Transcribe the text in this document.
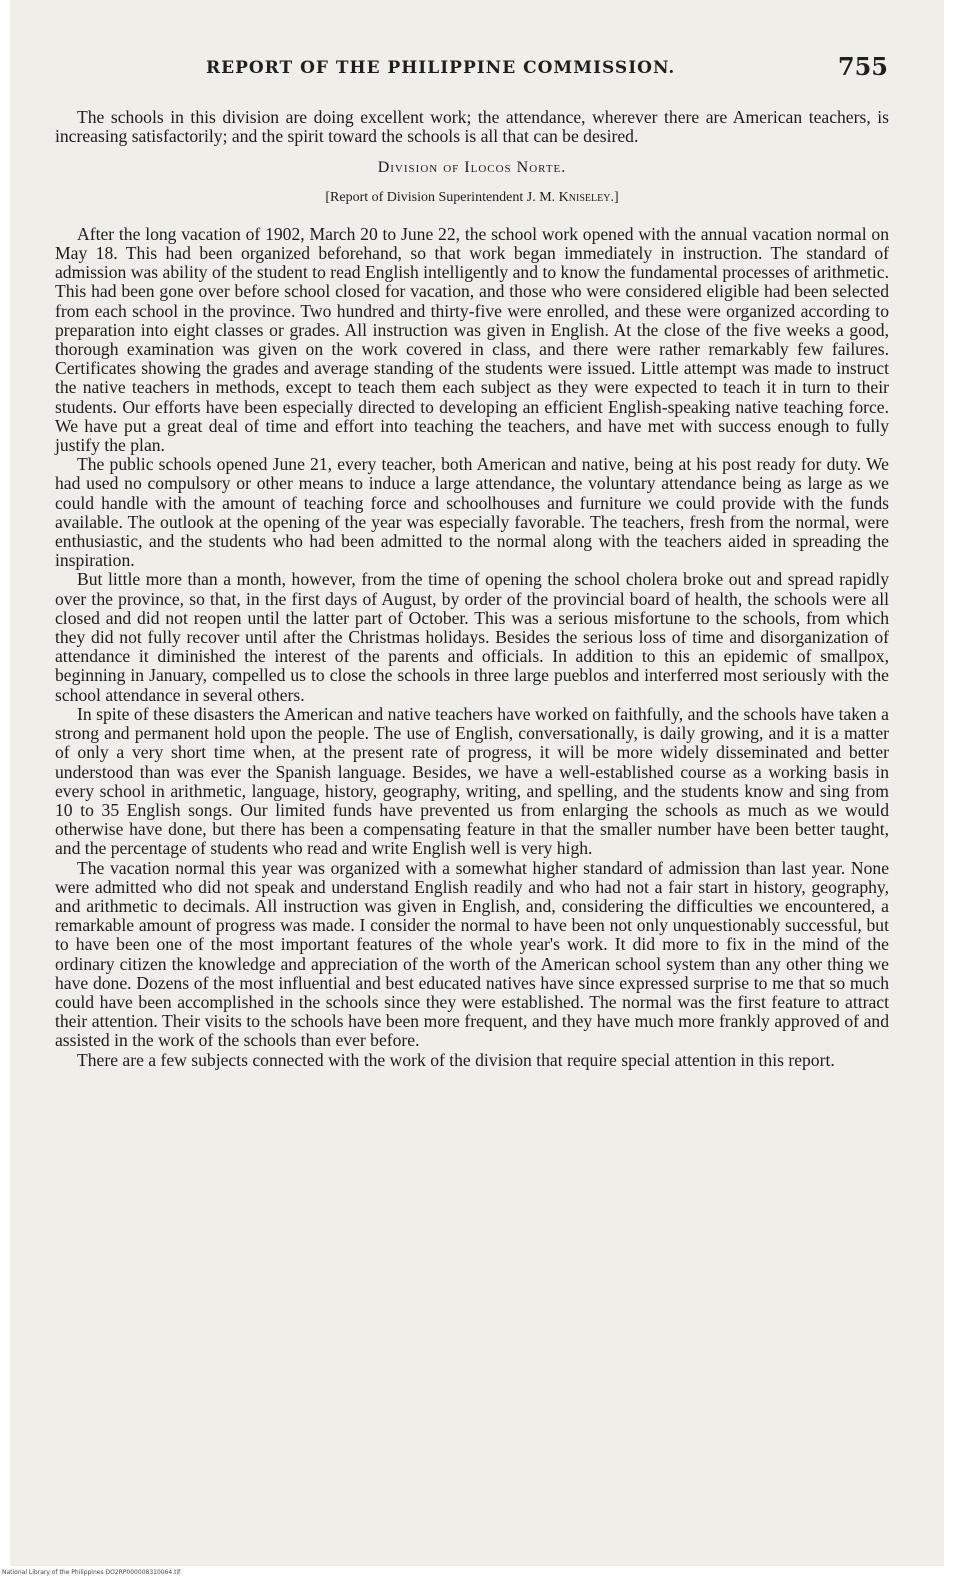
REPORT OF THE PHILIPPINE COMMISSION.	755

The schools in this division are doing excellent work; the attendance, wherever there are American teachers, is increasing satisfactorily; and the spirit toward the schools is all that can be desired.

Division of Ilocos Norte.
[Report of Division Superintendent J. M. Kniseley.]

After the long vacation of 1902, March 20 to June 22, the school work opened with the annual vacation normal on May 18. This had been organized beforehand, so that work began immediately in instruction. The standard of admission was ability of the student to read English intelligently and to know the fundamental processes of arithmetic. This had been gone over before school closed for vacation, and those who were considered eligible had been selected from each school in the province. Two hundred and thirty-five were enrolled, and these were organized according to preparation into eight classes or grades. All instruction was given in English. At the close of the five weeks a good, thorough examination was given on the work covered in class, and there were rather remarkably few failures. Certificates showing the grades and average standing of the students were issued. Little attempt was made to instruct the native teachers in methods, except to teach them each subject as they were expected to teach it in turn to their students. Our efforts have been especially directed to developing an efficient English-speaking native teaching force. We have put a great deal of time and effort into teaching the teachers, and have met with success enough to fully justify the plan.

The public schools opened June 21, every teacher, both American and native, being at his post ready for duty. We had used no compulsory or other means to induce a large attendance, the voluntary attendance being as large as we could handle with the amount of teaching force and schoolhouses and furniture we could provide with the funds available. The outlook at the opening of the year was especially favorable. The teachers, fresh from the normal, were enthusiastic, and the students who had been admitted to the normal along with the teachers aided in spreading the inspiration.

But little more than a month, however, from the time of opening the school cholera broke out and spread rapidly over the province, so that, in the first days of August, by order of the provincial board of health, the schools were all closed and did not reopen until the latter part of October. This was a serious misfortune to the schools, from which they did not fully recover until after the Christmas holidays. Besides the serious loss of time and disorganization of attendance it diminished the interest of the parents and officials. In addition to this an epidemic of smallpox, beginning in January, compelled us to close the schools in three large pueblos and interferred most seriously with the school attendance in several others.

In spite of these disasters the American and native teachers have worked on faithfully, and the schools have taken a strong and permanent hold upon the people. The use of English, conversationally, is daily growing, and it is a matter of only a very short time when, at the present rate of progress, it will be more widely disseminated and better understood than was ever the Spanish language. Besides, we have a well-established course as a working basis in every school in arithmetic, language, history, geography, writing, and spelling, and the students know and sing from 10 to 35 English songs. Our limited funds have prevented us from enlarging the schools as much as we would otherwise have done, but there has been a compensating feature in that the smaller number have been better taught, and the percentage of students who read and write English well is very high.

The vacation normal this year was organized with a somewhat higher standard of admission than last year. None were admitted who did not speak and understand English readily and who had not a fair start in history, geography, and arithmetic to decimals. All instruction was given in English, and, considering the difficulties we encountered, a remarkable amount of progress was made. I consider the normal to have been not only unquestionably successful, but to have been one of the most important features of the whole year's work. It did more to fix in the mind of the ordinary citizen the knowledge and appreciation of the worth of the American school system than any other thing we have done. Dozens of the most influential and best educated natives have since expressed surprise to me that so much could have been accomplished in the schools since they were established. The normal was the first feature to attract their attention. Their visits to the schools have been more frequent, and they have much more frankly approved of and assisted in the work of the schools than ever before.

There are a few subjects connected with the work of the division that require special attention in this report.

National Library of the Philippines DO2RP000008310064.tif
